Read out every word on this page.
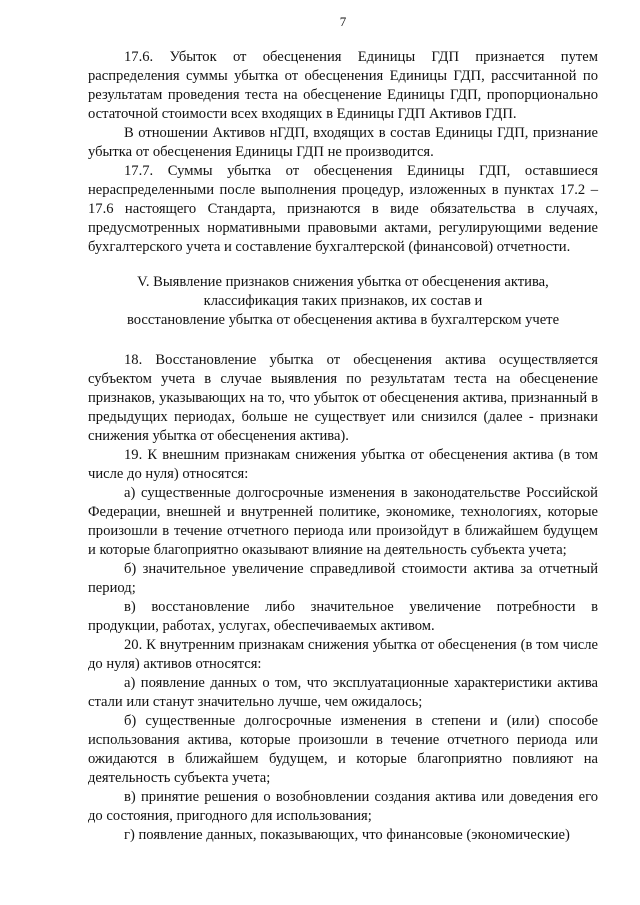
7

17.6. Убыток от обесценения Единицы ГДП признается путем распределения суммы убытка от обесценения Единицы ГДП, рассчитанной по результатам проведения теста на обесценение Единицы ГДП, пропорционально остаточной стоимости всех входящих в Единицы ГДП Активов ГДП.

В отношении Активов нГДП, входящих в состав Единицы ГДП, признание убытка от обесценения Единицы ГДП не производится.

17.7. Суммы убытка от обесценения Единицы ГДП, оставшиеся нераспределенными после выполнения процедур, изложенных в пунктах 17.2 – 17.6 настоящего Стандарта, признаются в виде обязательства в случаях, предусмотренных нормативными правовыми актами, регулирующими ведение бухгалтерского учета и составление бухгалтерской (финансовой) отчетности.

V. Выявление признаков снижения убытка от обесценения актива,
классификация таких признаков, их состав и
восстановление убытка от обесценения актива в бухгалтерском учете

18. Восстановление убытка от обесценения актива осуществляется субъектом учета в случае выявления по результатам теста на обесценение признаков, указывающих на то, что убыток от обесценения актива, признанный в предыдущих периодах, больше не существует или снизился (далее - признаки снижения убытка от обесценения актива).

19. К внешним признакам снижения убытка от обесценения актива (в том числе до нуля) относятся:

а) существенные долгосрочные изменения в законодательстве Российской Федерации, внешней и внутренней политике, экономике, технологиях, которые произошли в течение отчетного периода или произойдут в ближайшем будущем и которые благоприятно оказывают влияние на деятельность субъекта учета;

б) значительное увеличение справедливой стоимости актива за отчетный период;

в) восстановление либо значительное увеличение потребности в продукции, работах, услугах, обеспечиваемых активом.

20. К внутренним признакам снижения убытка от обесценения (в том числе до нуля) активов относятся:

а) появление данных о том, что эксплуатационные характеристики актива стали или станут значительно лучше, чем ожидалось;

б) существенные долгосрочные изменения в степени и (или) способе использования актива, которые произошли в течение отчетного периода или ожидаются в ближайшем будущем, и которые благоприятно повлияют на деятельность субъекта учета;

в) принятие решения о возобновлении создания актива или доведения его до состояния, пригодного для использования;

г) появление данных, показывающих, что финансовые (экономические)
